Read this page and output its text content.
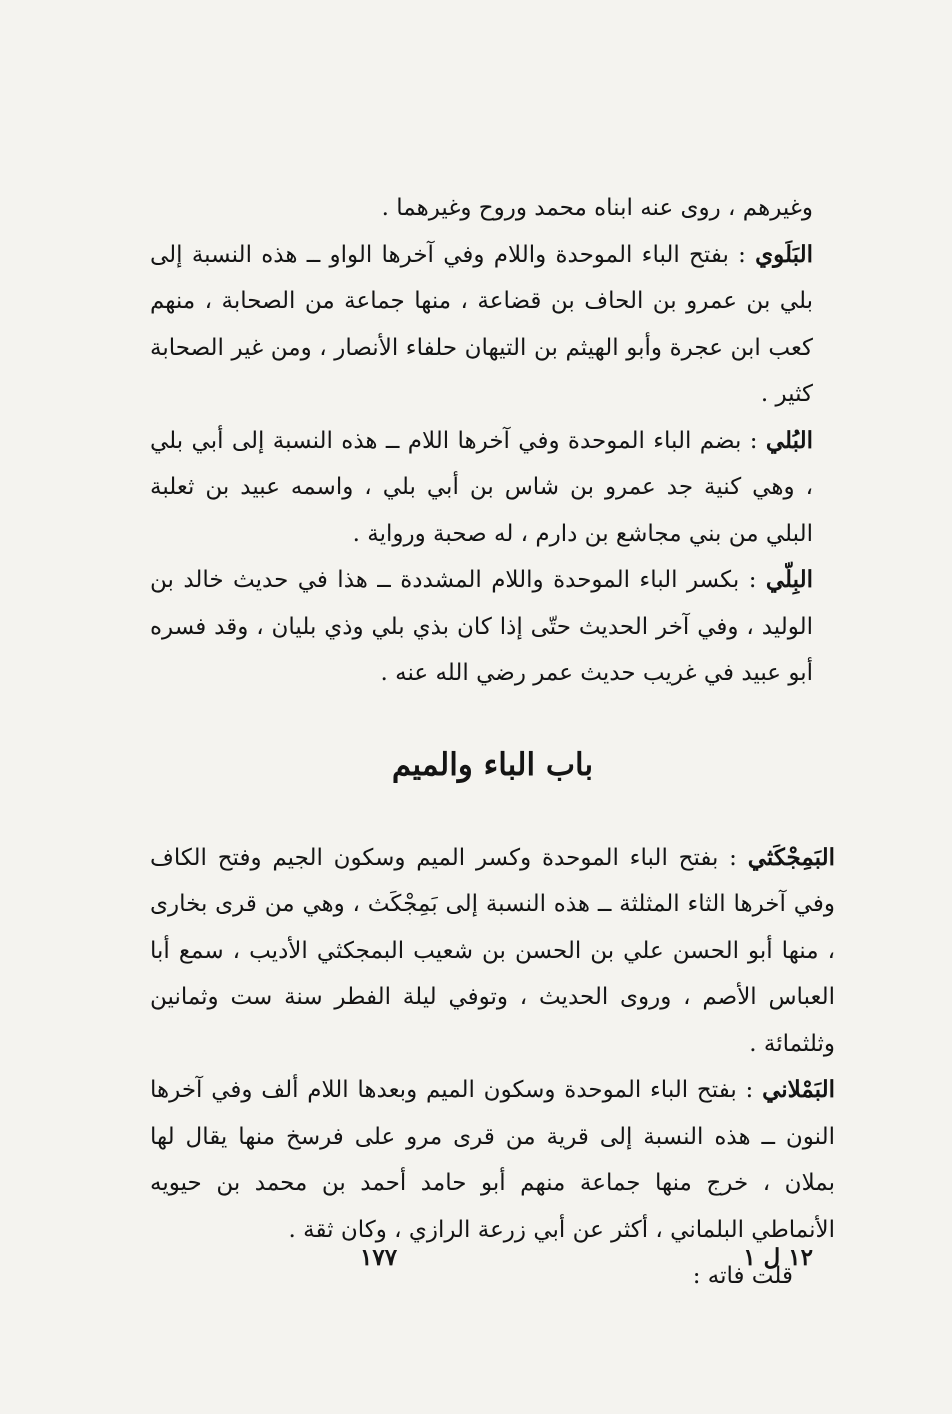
وغيرهم ، روى عنه ابناه محمد وروح وغيرهما .

البَلَوي : بفتح الباء الموحدة واللام وفي آخرها الواو ــ هذه النسبة إلى بلي بن عمرو بن الحاف بن قضاعة ، منها جماعة من الصحابة ، منهم كعب ابن عجرة وأبو الهيثم بن التيهان حلفاء الأنصار ، ومن غير الصحابة كثير .

البُلي : بضم الباء الموحدة وفي آخرها اللام ــ هذه النسبة إلى أبي بلي ، وهي كنية جد عمرو بن شاس بن أبي بلي ، واسمه عبيد بن ثعلبة البلي من بني مجاشع بن دارم ، له صحبة ورواية .

البِلّي : بكسر الباء الموحدة واللام المشددة ــ هذا في حديث خالد بن الوليد ، وفي آخر الحديث حتّى إذا كان بذي بلي وذي بليان ، وقد فسره أبو عبيد في غريب حديث عمر رضي الله عنه .

باب الباء والميم

البَمِجْكَثي : بفتح الباء الموحدة وكسر الميم وسكون الجيم وفتح الكاف وفي آخرها الثاء المثلثة ــ هذه النسبة إلى بَمِجْكَث ، وهي من قرى بخارى ، منها أبو الحسن علي بن الحسن بن شعيب البمجكثي الأديب ، سمع أبا العباس الأصم ، وروى الحديث ، وتوفي ليلة الفطر سنة ست وثمانين وثلثمائة .

البَمْلاني : بفتح الباء الموحدة وسكون الميم وبعدها اللام ألف وفي آخرها النون ــ هذه النسبة إلى قرية من قرى مرو على فرسخ منها يقال لها بملان ، خرج منها جماعة منهم أبو حامد أحمد بن محمد بن حيويه الأنماطي البلماني ، أكثر عن أبي زرعة الرازي ، وكان ثقة .

قلت فاته :

١٢ ل ١
١٧٧
